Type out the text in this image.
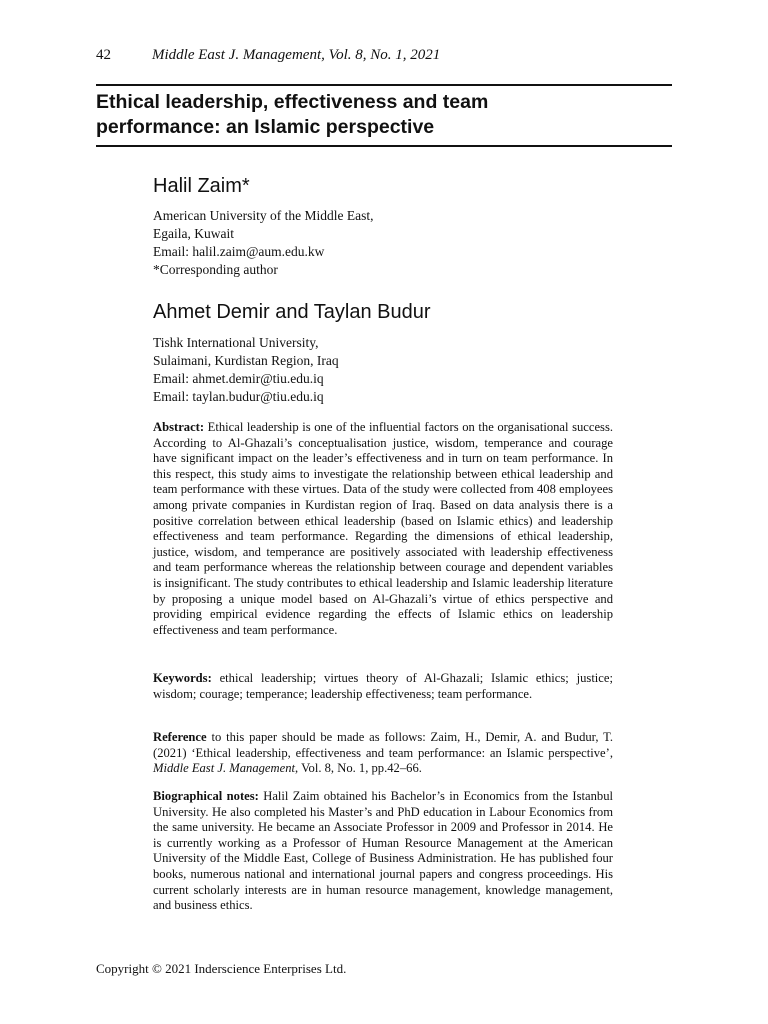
42	Middle East J. Management, Vol. 8, No. 1, 2021
Ethical leadership, effectiveness and team
performance: an Islamic perspective
Halil Zaim*
American University of the Middle East,
Egaila, Kuwait
Email: halil.zaim@aum.edu.kw
*Corresponding author
Ahmet Demir and Taylan Budur
Tishk International University,
Sulaimani, Kurdistan Region, Iraq
Email: ahmet.demir@tiu.edu.iq
Email: taylan.budur@tiu.edu.iq
Abstract: Ethical leadership is one of the influential factors on the organisational success. According to Al-Ghazali’s conceptualisation justice, wisdom, temperance and courage have significant impact on the leader’s effectiveness and in turn on team performance. In this respect, this study aims to investigate the relationship between ethical leadership and team performance with these virtues. Data of the study were collected from 408 employees among private companies in Kurdistan region of Iraq. Based on data analysis there is a positive correlation between ethical leadership (based on Islamic ethics) and leadership effectiveness and team performance. Regarding the dimensions of ethical leadership, justice, wisdom, and temperance are positively associated with leadership effectiveness and team performance whereas the relationship between courage and dependent variables is insignificant. The study contributes to ethical leadership and Islamic leadership literature by proposing a unique model based on Al-Ghazali’s virtue of ethics perspective and providing empirical evidence regarding the effects of Islamic ethics on leadership effectiveness and team performance.
Keywords: ethical leadership; virtues theory of Al-Ghazali; Islamic ethics; justice; wisdom; courage; temperance; leadership effectiveness; team performance.
Reference to this paper should be made as follows: Zaim, H., Demir, A. and Budur, T. (2021) ‘Ethical leadership, effectiveness and team performance: an Islamic perspective’, Middle East J. Management, Vol. 8, No. 1, pp.42–66.
Biographical notes: Halil Zaim obtained his Bachelor’s in Economics from the Istanbul University. He also completed his Master’s and PhD education in Labour Economics from the same university. He became an Associate Professor in 2009 and Professor in 2014. He is currently working as a Professor of Human Resource Management at the American University of the Middle East, College of Business Administration. He has published four books, numerous national and international journal papers and congress proceedings. His current scholarly interests are in human resource management, knowledge management, and business ethics.
Copyright © 2021 Inderscience Enterprises Ltd.
